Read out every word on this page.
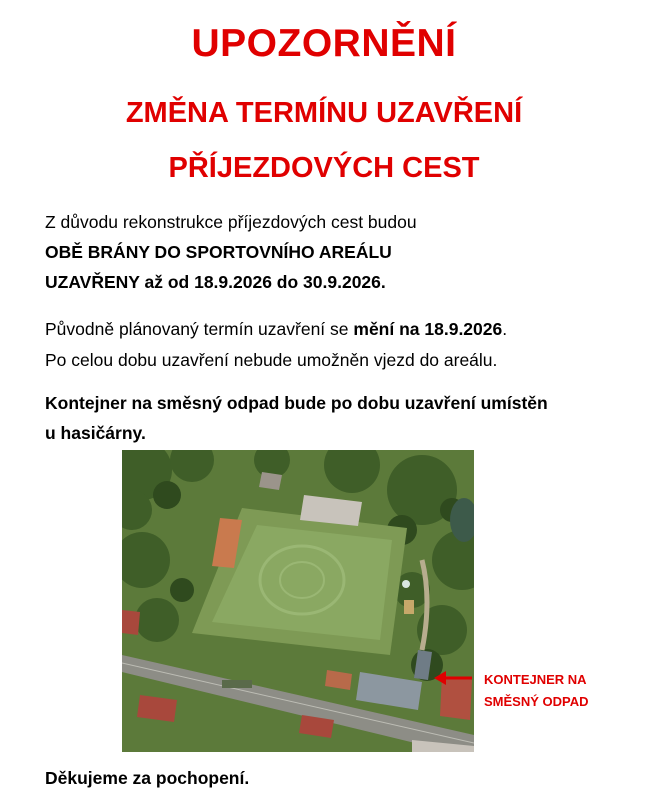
UPOZORNĚNÍ
ZMĚNA TERMÍNU UZAVŘENÍ
PŘÍJEZDOVÝCH CEST
Z důvodu rekonstrukce příjezdových cest budou
OBĚ BRÁNY DO SPORTOVNÍHO AREÁLU
UZAVŘENY až od 18.9.2026 do 30.9.2026.
Původně plánovaný termín uzavření se mění na 18.9.2026.
Po celou dobu uzavření nebude umožněn vjezd do areálu.
Kontejner na směsný odpad bude po dobu uzavření umístěn
u hasičárny.
KONTEJNER NA
SMĚSNÝ ODPAD
Děkujeme za pochopení.
